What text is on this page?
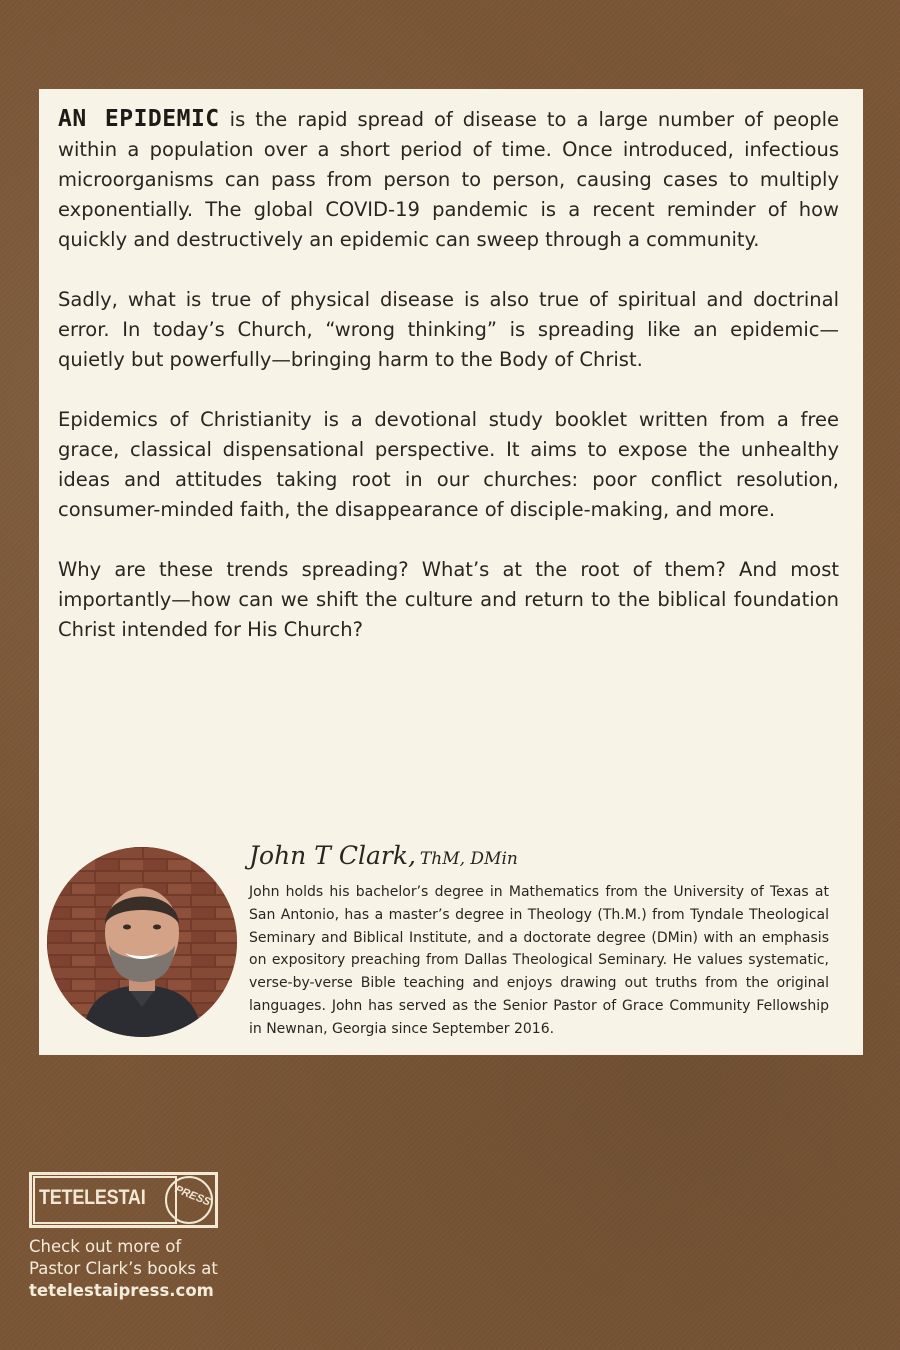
AN EPIDEMIC is the rapid spread of disease to a large number of people within a population over a short period of time. Once introduced, infectious microorganisms can pass from person to person, causing cases to multiply exponentially. The global COVID-19 pandemic is a recent reminder of how quickly and destructively an epidemic can sweep through a community.

Sadly, what is true of physical disease is also true of spiritual and doctrinal error. In today’s Church, “wrong thinking” is spreading like an epidemic—quietly but powerfully—bringing harm to the Body of Christ.

Epidemics of Christianity is a devotional study booklet written from a free grace, classical dispensational perspective. It aims to expose the unhealthy ideas and attitudes taking root in our churches: poor conflict resolution, consumer-minded faith, the disappearance of disciple-making, and more.

Why are these trends spreading? What’s at the root of them? And most importantly—how can we shift the culture and return to the biblical foundation Christ intended for His Church?

John T Clark, ThM, DMin
John holds his bachelor’s degree in Mathematics from the University of Texas at San Antonio, has a master’s degree in Theology (Th.M.) from Tyndale Theological Seminary and Biblical Institute, and a doctorate degree (DMin) with an emphasis on expository preaching from Dallas Theological Seminary. He values systematic, verse-by-verse Bible teaching and enjoys drawing out truths from the original languages. John has served as the Senior Pastor of Grace Community Fellowship in Newnan, Georgia since September 2016.
TETELESTAI	PRESS
Check out more of
Pastor Clark’s books at
tetelestaipress.com
